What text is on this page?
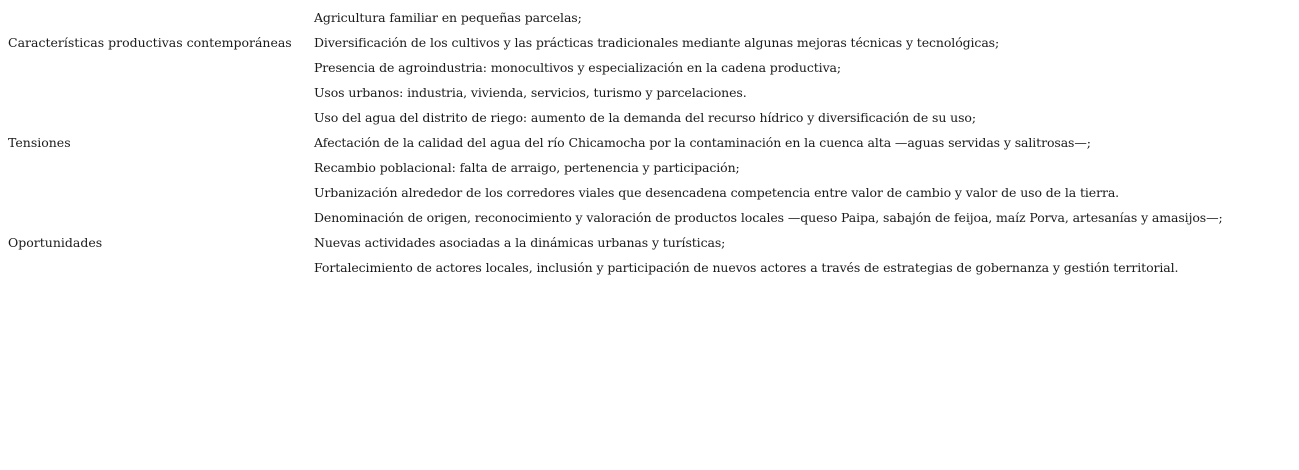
	Agricultura familiar en pequeñas parcelas;
Características productivas contemporáneas	Diversificación de los cultivos y las prácticas tradicionales mediante algunas mejoras técnicas y tecnológicas;
	Presencia de agroindustria: monocultivos y especialización en la cadena productiva;
	Usos urbanos: industria, vivienda, servicios, turismo y parcelaciones.
	Uso del agua del distrito de riego: aumento de la demanda del recurso hídrico y diversificación de su uso;
Tensiones	Afectación de la calidad del agua del río Chicamocha por la contaminación en la cuenca alta —aguas servidas y salitrosas—;
	Recambio poblacional: falta de arraigo, pertenencia y participación;
	Urbanización alrededor de los corredores viales que desencadena competencia entre valor de cambio y valor de uso de la tierra.
	Denominación de origen, reconocimiento y valoración de productos locales —queso Paipa, sabajón de feijoa, maíz Porva, artesanías y amasijos—;
Oportunidades	Nuevas actividades asociadas a la dinámicas urbanas y turísticas;
	Fortalecimiento de actores locales, inclusión y participación de nuevos actores a través de estrategias de gobernanza y gestión territorial.
